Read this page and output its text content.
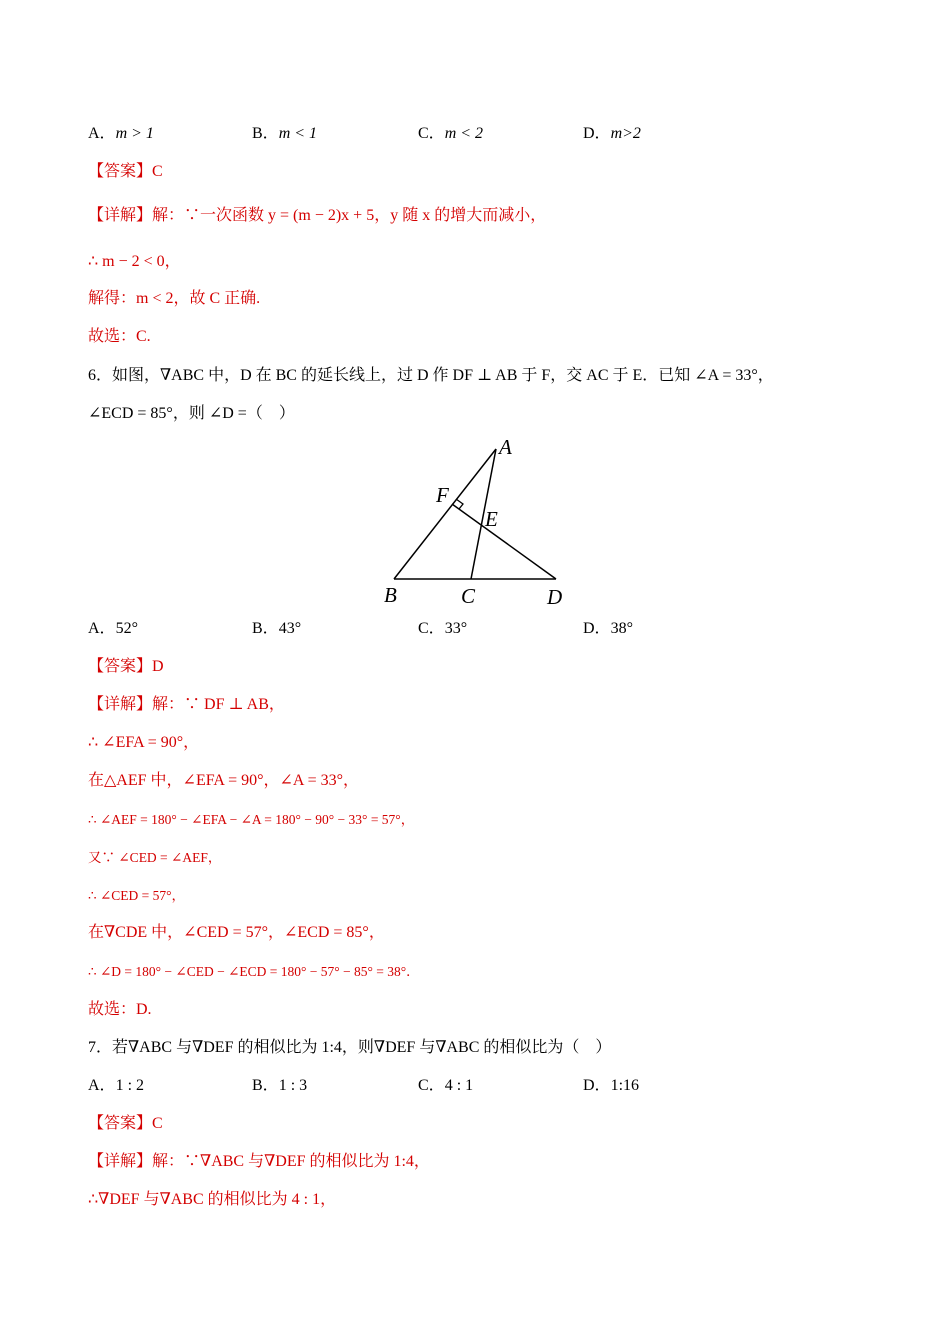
A．m > 1	B．m < 1	C．m < 2	D．m>2
【答案】C
【详解】解：∵一次函数 y = (m − 2)x + 5，y 随 x 的增大而减小，
∴ m − 2 < 0，
解得：m < 2，故 C 正确.
故选：C.
6．如图，∇ABC 中，D 在 BC 的延长线上，过 D 作 DF ⊥ AB 于 F，交 AC 于 E．已知 ∠A = 33°，
∠ECD = 85°，则 ∠D =（　）
A
F
E
B	C	D
A．52°	B．43°	C．33°	D．38°
【答案】D
【详解】解：∵ DF ⊥ AB，
∴ ∠EFA = 90°，
在△AEF 中，∠EFA = 90°，∠A = 33°，
∴ ∠AEF = 180° − ∠EFA − ∠A = 180° − 90° − 33° = 57°，
又∵ ∠CED = ∠AEF，
∴ ∠CED = 57°，
在∇CDE 中，∠CED = 57°，∠ECD = 85°，
∴ ∠D = 180° − ∠CED − ∠ECD = 180° − 57° − 85° = 38°．
故选：D.
7．若∇ABC 与∇DEF 的相似比为 1:4，则∇DEF 与∇ABC 的相似比为（　）
A．1 : 2	B．1 : 3	C．4 : 1	D．1:16
【答案】C
【详解】解：∵∇ABC 与∇DEF 的相似比为 1:4，
∴∇DEF 与∇ABC 的相似比为 4 : 1，
